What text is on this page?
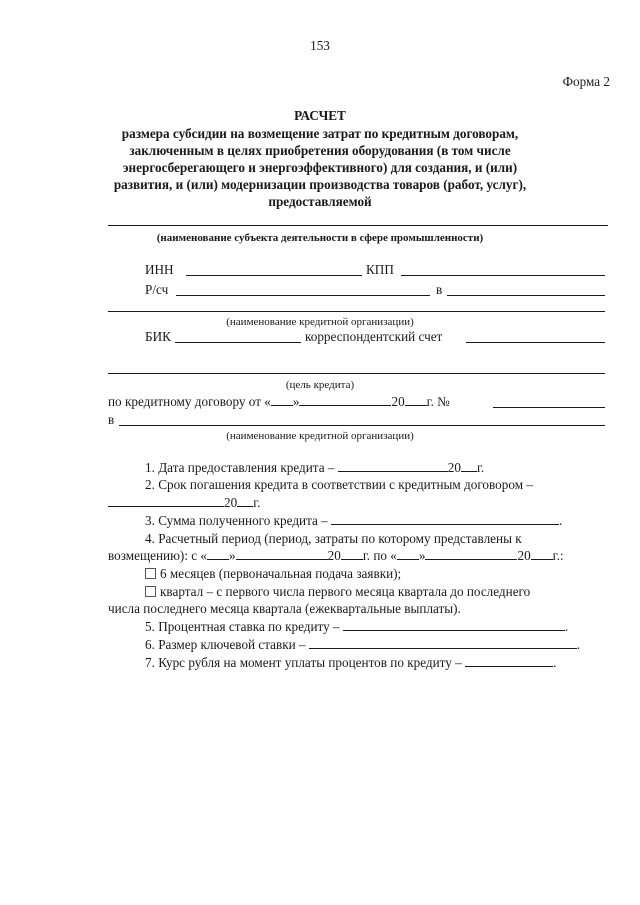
153
Форма 2
РАСЧЕТ
размера субсидии на возмещение затрат по кредитным договорам,
заключенным в целях приобретения оборудования (в том числе
энергосберегающего и энергоэффективного) для создания, и (или)
развития, и (или) модернизации производства товаров (работ, услуг),
предоставляемой
(наименование субъекта деятельности в сфере промышленности)
ИНН	КПП
Р/сч	в
(наименование кредитной организации)
БИК	корреспондентский счет
(цель кредита)
по кредитному договору от « »	20 г. №
в
(наименование кредитной организации)
1. Дата предоставления кредита –	20 г.
2. Срок погашения кредита в соответствии с кредитным договором –
20 г.
3. Сумма полученного кредита –	.
4. Расчетный период (период, затраты по которому представлены к
возмещению): с « »	20 г. по « »	20 г.:
6 месяцев (первоначальная подача заявки);
квартал – с первого числа первого месяца квартала до последнего
числа последнего месяца квартала (ежеквартальные выплаты).
5. Процентная ставка по кредиту –	.
6. Размер ключевой ставки –	.
7. Курс рубля на момент уплаты процентов по кредиту –	.
